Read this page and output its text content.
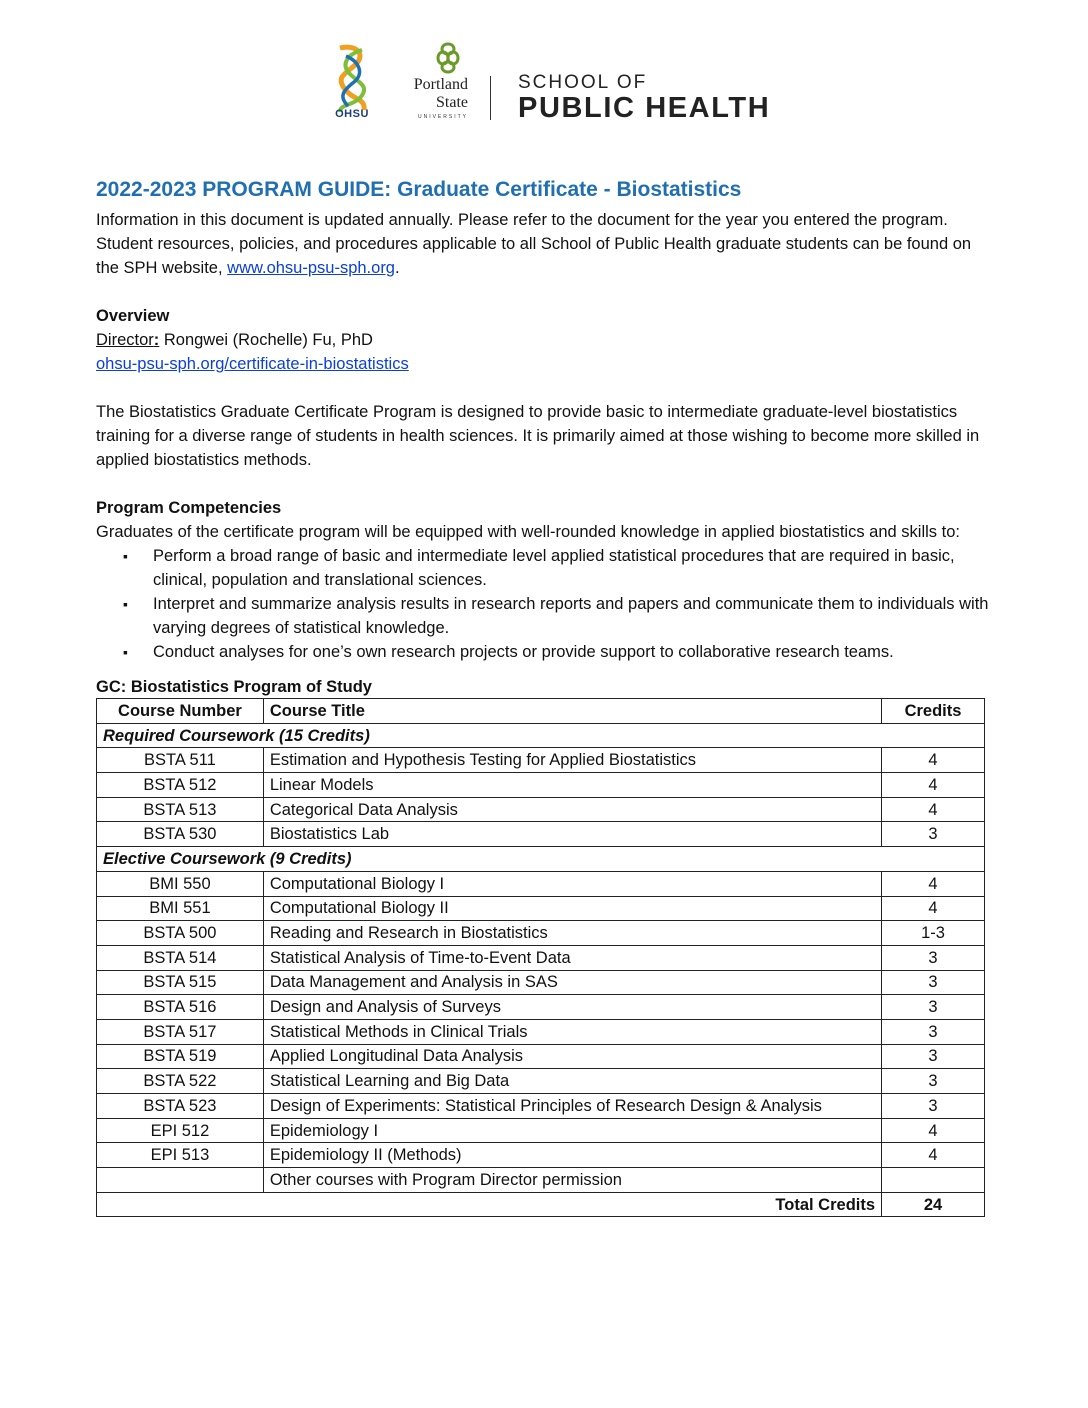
OHSU
Portland
State
UNIVERSITY
SCHOOL OF
PUBLIC HEALTH
2022-2023 PROGRAM GUIDE: Graduate Certificate - Biostatistics

Information in this document is updated annually. Please refer to the document for the year you entered the program. Student resources, policies, and procedures applicable to all School of Public Health graduate students can be found on the SPH website, www.ohsu-psu-sph.org.

Overview

Director: Rongwei (Rochelle) Fu, PhD

ohsu-psu-sph.org/certificate-in-biostatistics

The Biostatistics Graduate Certificate Program is designed to provide basic to intermediate graduate-level biostatistics training for a diverse range of students in health sciences. It is primarily aimed at those wishing to become more skilled in applied biostatistics methods.

Program Competencies

Graduates of the certificate program will be equipped with well-rounded knowledge in applied biostatistics and skills to:

▪ Perform a broad range of basic and intermediate level applied statistical procedures that are required in basic, clinical, population and translational sciences.
▪ Interpret and summarize analysis results in research reports and papers and communicate them to individuals with varying degrees of statistical knowledge.
▪ Conduct analyses for one’s own research projects or provide support to collaborative research teams.

GC: Biostatistics Program of Study

Course Number	Course Title	Credits
Required Coursework (15 Credits)		
BSTA 511	Estimation and Hypothesis Testing for Applied Biostatistics	4
BSTA 512	Linear Models	4
BSTA 513	Categorical Data Analysis	4
BSTA 530	Biostatistics Lab	3
Elective Coursework (9 Credits)		
BMI 550	Computational Biology I	4
BMI 551	Computational Biology II	4
BSTA 500	Reading and Research in Biostatistics	1-3
BSTA 514	Statistical Analysis of Time-to-Event Data	3
BSTA 515	Data Management and Analysis in SAS	3
BSTA 516	Design and Analysis of Surveys	3
BSTA 517	Statistical Methods in Clinical Trials	3
BSTA 519	Applied Longitudinal Data Analysis	3
BSTA 522	Statistical Learning and Big Data	3
BSTA 523	Design of Experiments: Statistical Principles of Research Design & Analysis	3
EPI 512	Epidemiology I	4
EPI 513	Epidemiology II (Methods)	4
	Other courses with Program Director permission	
Total Credits		24
